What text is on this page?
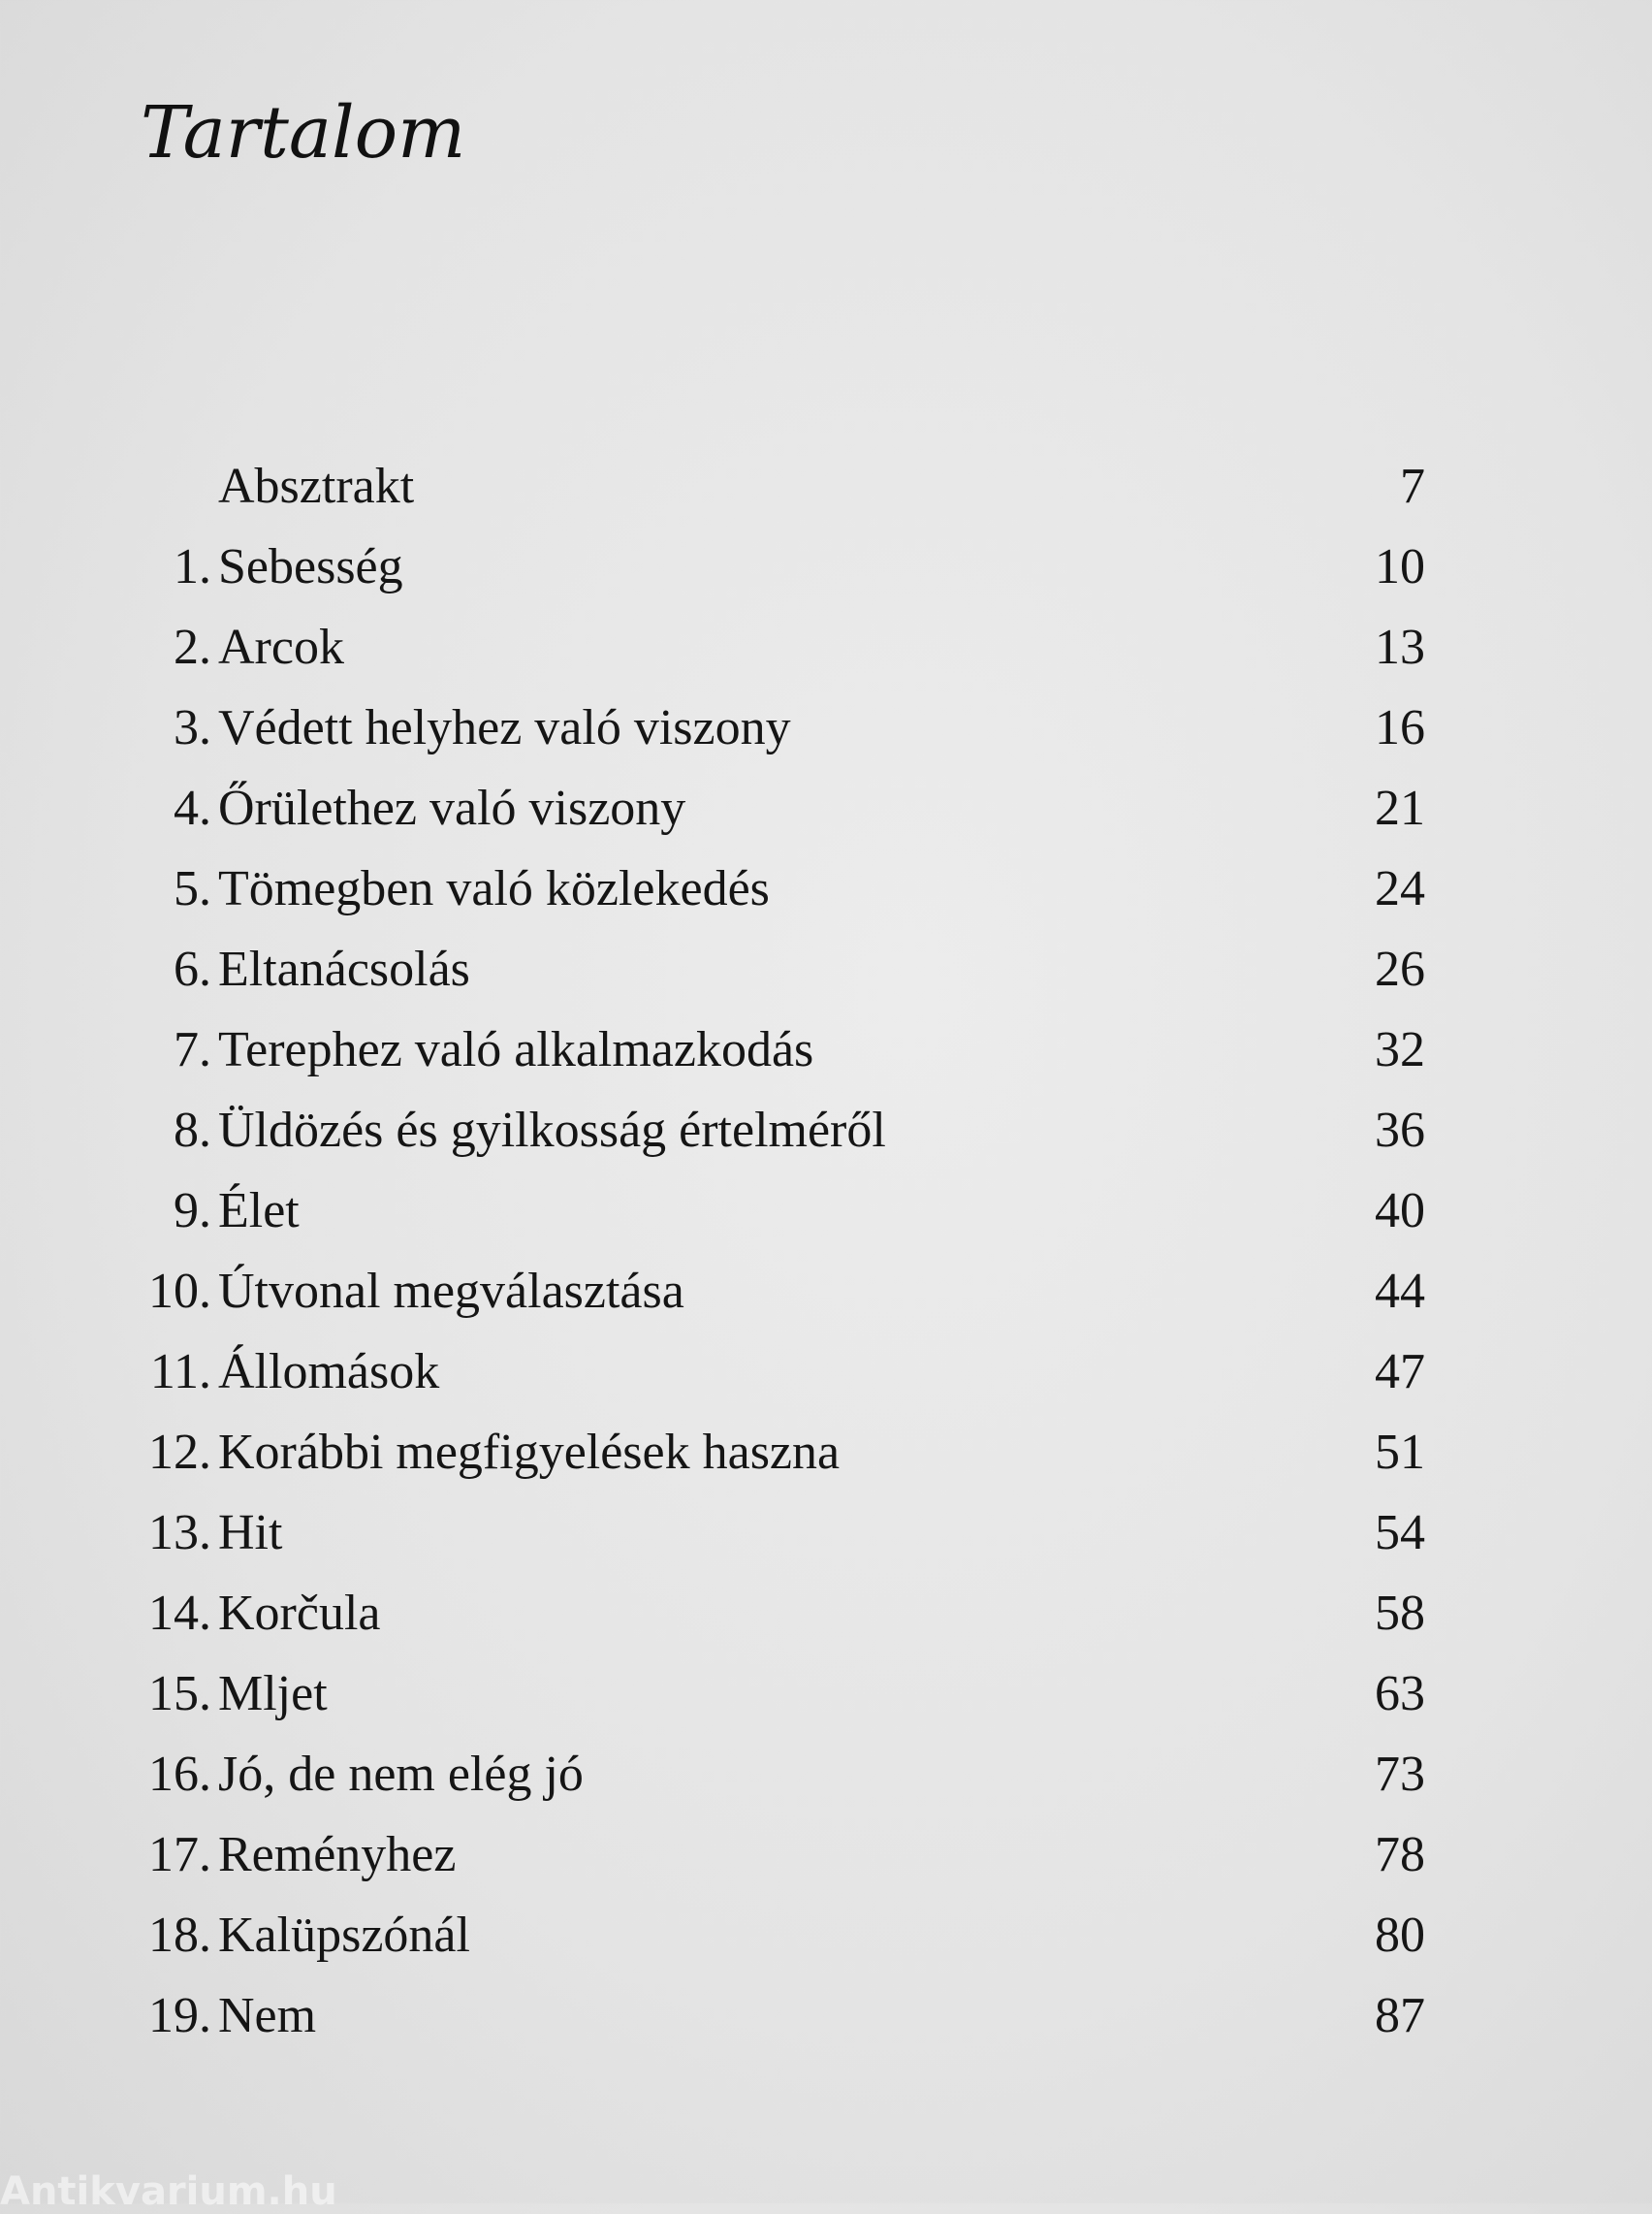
Tartalom
Absztrakt	7
1. Sebesség	10
2. Arcok	13
3. Védett helyhez való viszony	16
4. Őrülethez való viszony	21
5. Tömegben való közlekedés	24
6. Eltanácsolás	26
7. Terephez való alkalmazkodás	32
8. Üldözés és gyilkosság értelméről	36
9. Élet	40
10. Útvonal megválasztása	44
11. Állomások	47
12. Korábbi megfigyelések haszna	51
13. Hit	54
14. Korčula	58
15. Mljet	63
16. Jó, de nem elég jó	73
17. Reményhez	78
18. Kalüpszónál	80
19. Nem	87
Antikvarium.hu
